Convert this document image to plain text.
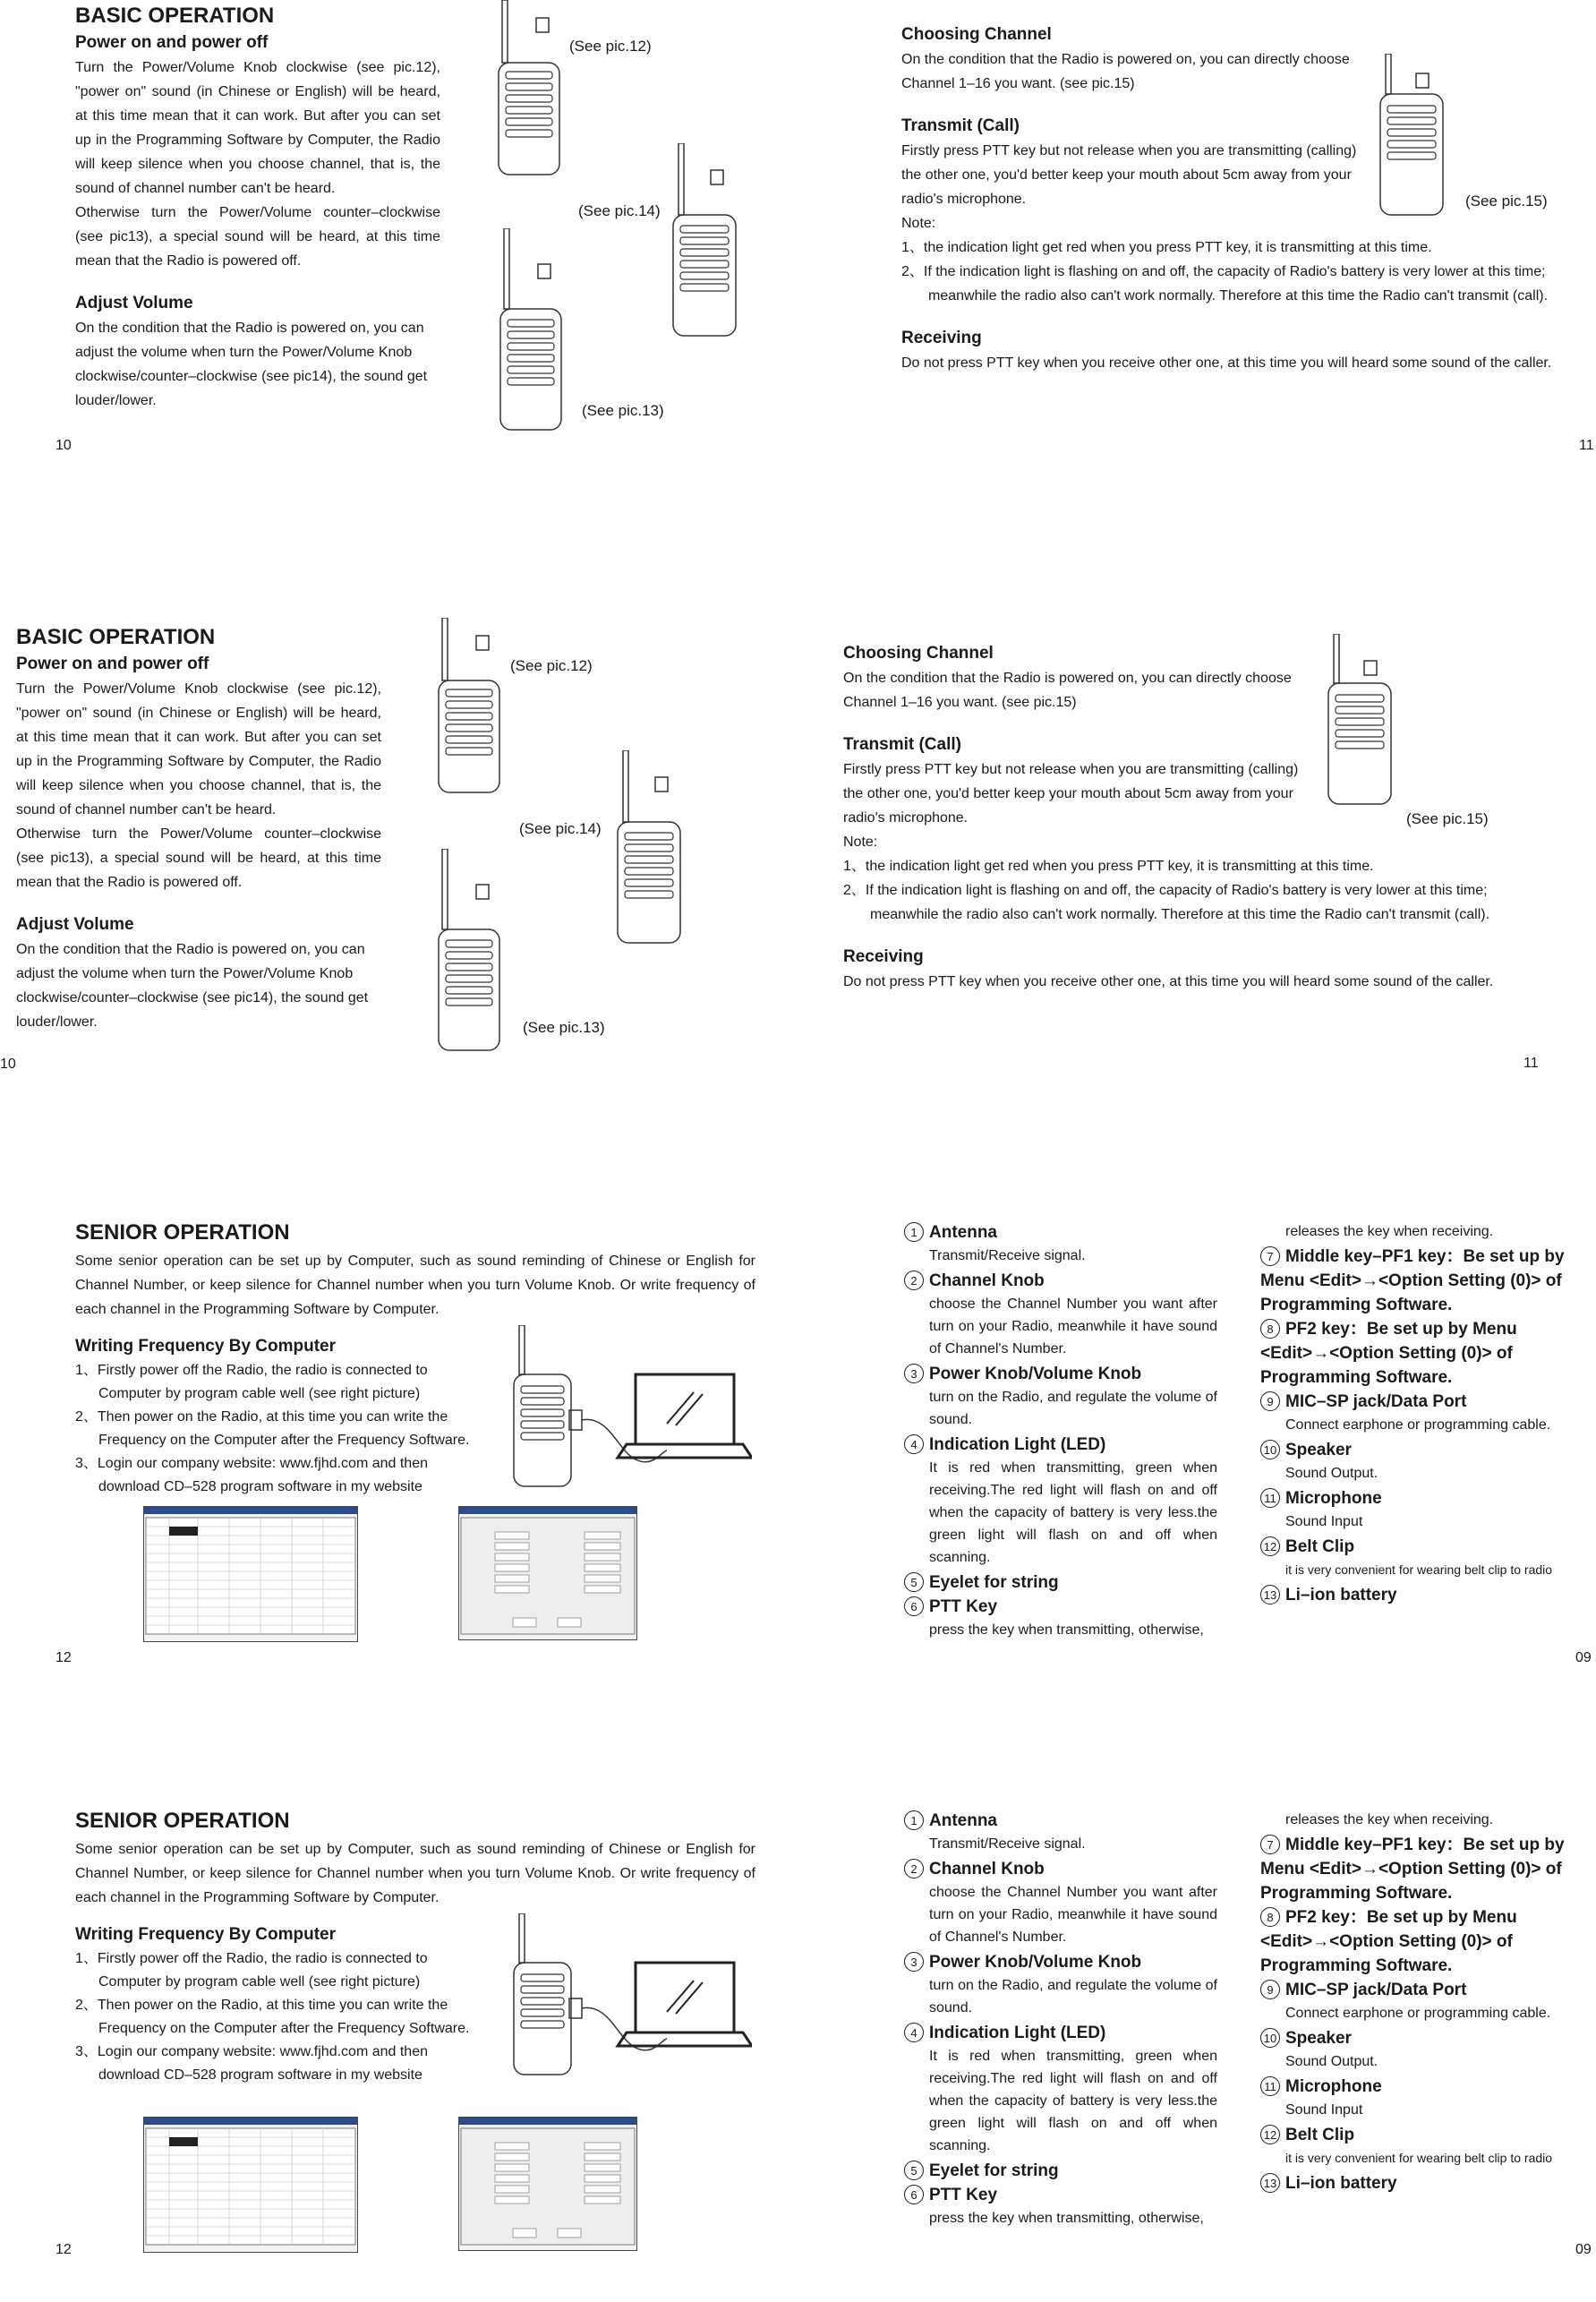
BASIC OPERATION
Power on and power off

Turn the Power/Volume Knob clockwise (see pic.12), "power on" sound (in Chinese or English) will be heard, at this time mean that it can work. But after you can set up in the Programming Software by Computer, the Radio will keep silence when you choose channel, that is, the sound of channel number can't be heard.

Otherwise turn the Power/Volume counter–clockwise (see pic13), a special sound will be heard, at this time mean that the Radio is powered off.

Adjust Volume

On the condition that the Radio is powered on, you can adjust the volume when turn the Power/Volume Knob clockwise/counter–clockwise (see pic14), the sound get louder/lower.

10
(See pic.12)
(See pic.14)
(See pic.13)
Choosing Channel

On the condition that the Radio is powered on, you can directly choose Channel 1–16 you want. (see pic.15)

Transmit (Call)

Firstly press PTT key but not release when you are transmitting (calling) the other one, you'd better keep your mouth about 5cm away from your radio's microphone.

Note:

1、the indication light get red when you press PTT key, it is transmitting at this time.

2、If the indication light is flashing on and off, the capacity of Radio's battery is very lower at this time; meanwhile the radio also can't work normally. Therefore at this time the Radio can't transmit (call).

Receiving

Do not press PTT key when you receive other one, at this time you will heard some sound of the caller.

(See pic.15)
11
BASIC OPERATION
Power on and power off

Turn the Power/Volume Knob clockwise (see pic.12), "power on" sound (in Chinese or English) will be heard, at this time mean that it can work. But after you can set up in the Programming Software by Computer, the Radio will keep silence when you choose channel, that is, the sound of channel number can't be heard.

Otherwise turn the Power/Volume counter–clockwise (see pic13), a special sound will be heard, at this time mean that the Radio is powered off.

Adjust Volume

On the condition that the Radio is powered on, you can adjust the volume when turn the Power/Volume Knob clockwise/counter–clockwise (see pic14), the sound get louder/lower.

10
(See pic.12)
(See pic.14)
(See pic.13)
Choosing Channel

On the condition that the Radio is powered on, you can directly choose Channel 1–16 you want. (see pic.15)

Transmit (Call)

Firstly press PTT key but not release when you are transmitting (calling) the other one, you'd better keep your mouth about 5cm away from your radio's microphone.

Note:

1、the indication light get red when you press PTT key, it is transmitting at this time.

2、If the indication light is flashing on and off, the capacity of Radio's battery is very lower at this time; meanwhile the radio also can't work normally. Therefore at this time the Radio can't transmit (call).

Receiving

Do not press PTT key when you receive other one, at this time you will heard some sound of the caller.

(See pic.15)
11
SENIOR OPERATION

Some senior operation can be set up by Computer, such as sound reminding of Chinese or English for Channel Number, or keep silence for Channel number when you turn Volume Knob. Or write frequency of each channel in the Programming Software by Computer.

Writing Frequency By Computer
1、Firstly power off the Radio, the radio is connected to Computer by program cable well (see right picture)
2、Then power on the Radio, at this time you can write the Frequency on the Computer after the Frequency Software.
3、Login our company website: www.fjhd.com and then download CD–528 program software in my website
12

1 Antenna

Transmit/Receive signal.

2 Channel Knob

choose the Channel Number you want after turn on your Radio, meanwhile it have sound of Channel's Number.

3 Power Knob/Volume Knob

turn on the Radio, and regulate the volume of sound.

4 Indication Light (LED)

It is red when transmitting, green when receiving.The red light will flash on and off when the capacity of battery is very less.the green light will flash on and off when scanning.

5 Eyelet for string

6 PTT Key

press the key when transmitting, otherwise,

releases the key when receiving.

7 Middle key–PF1 key：Be set up by Menu <Edit>→<Option Setting (0)> of Programming Software.

8 PF2 key：Be set up by Menu <Edit>→<Option Setting (0)> of Programming Software.

9 MIC–SP jack/Data Port

Connect earphone or programming cable.

10 Speaker

Sound Output.

11 Microphone

Sound Input

12 Belt Clip

it is very convenient for wearing belt clip to radio

13 Li–ion battery

09
SENIOR OPERATION

Some senior operation can be set up by Computer, such as sound reminding of Chinese or English for Channel Number, or keep silence for Channel number when you turn Volume Knob. Or write frequency of each channel in the Programming Software by Computer.

Writing Frequency By Computer
1、Firstly power off the Radio, the radio is connected to Computer by program cable well (see right picture)
2、Then power on the Radio, at this time you can write the Frequency on the Computer after the Frequency Software.
3、Login our company website: www.fjhd.com and then download CD–528 program software in my website
12

1 Antenna

Transmit/Receive signal.

2 Channel Knob

choose the Channel Number you want after turn on your Radio, meanwhile it have sound of Channel's Number.

3 Power Knob/Volume Knob

turn on the Radio, and regulate the volume of sound.

4 Indication Light (LED)

It is red when transmitting, green when receiving.The red light will flash on and off when the capacity of battery is very less.the green light will flash on and off when scanning.

5 Eyelet for string

6 PTT Key

press the key when transmitting, otherwise,

releases the key when receiving.

7 Middle key–PF1 key：Be set up by Menu <Edit>→<Option Setting (0)> of Programming Software.

8 PF2 key：Be set up by Menu <Edit>→<Option Setting (0)> of Programming Software.

9 MIC–SP jack/Data Port

Connect earphone or programming cable.

10 Speaker

Sound Output.

11 Microphone

Sound Input

12 Belt Clip

it is very convenient for wearing belt clip to radio

13 Li–ion battery

09
